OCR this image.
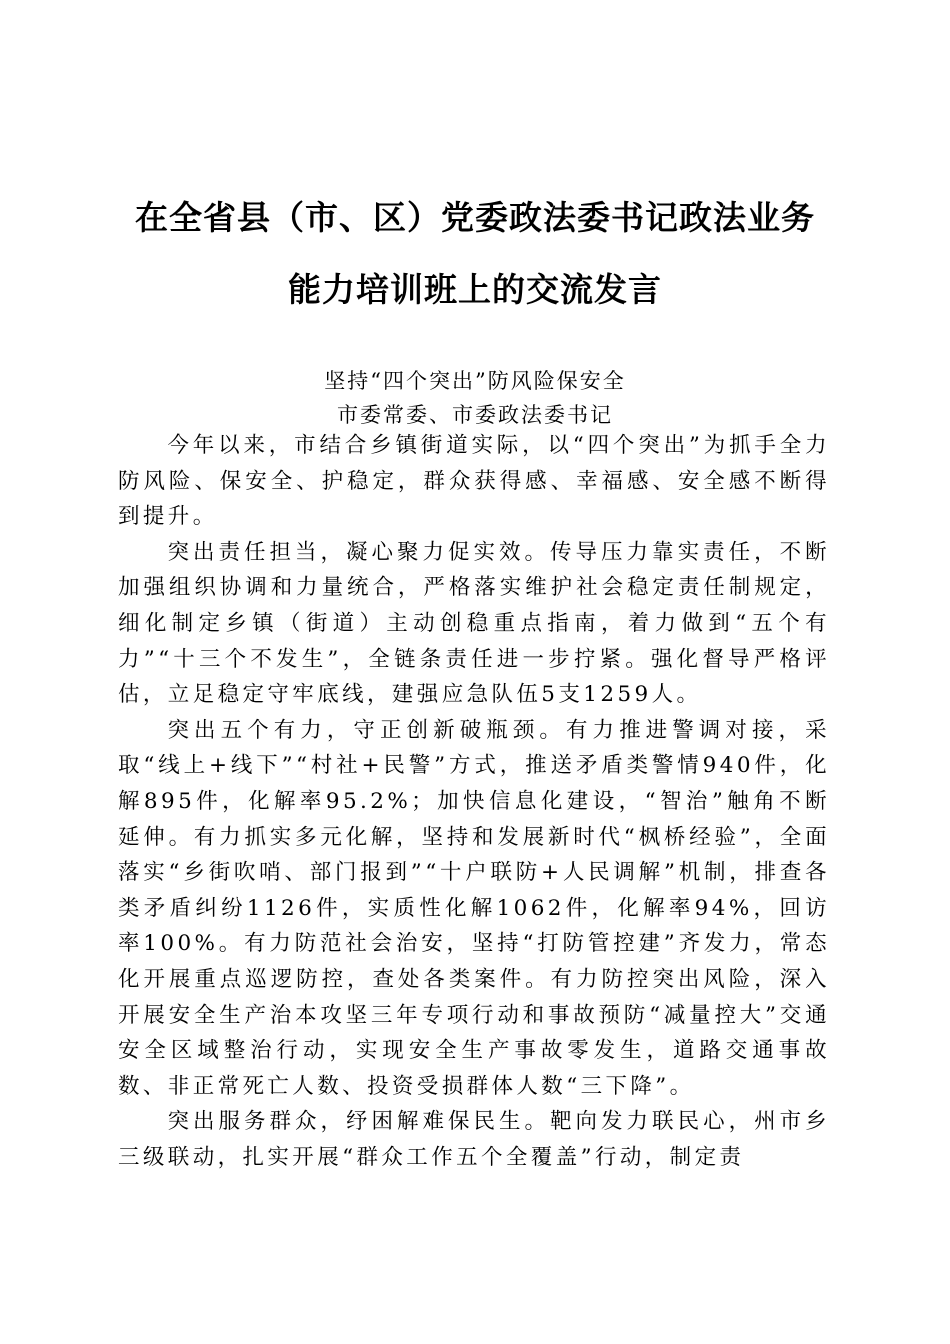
在全省县（市、区）党委政法委书记政法业务
能力培训班上的交流发言
坚持“四个突出”防风险保安全
市委常委、市委政法委书记

今年以来，市结合乡镇街道实际，以“四个突出”为抓手全力防风险、保安全、护稳定，群众获得感、幸福感、安全感不断得到提升。

突出责任担当，凝心聚力促实效。传导压力靠实责任，不断加强组织协调和力量统合，严格落实维护社会稳定责任制规定，细化制定乡镇（街道）主动创稳重点指南，着力做到“五个有力”“十三个不发生”，全链条责任进一步拧紧。强化督导严格评估，立足稳定守牢底线，建强应急队伍5支1259人。

突出五个有力，守正创新破瓶颈。有力推进警调对接，采取“线上+线下”“村社+民警”方式，推送矛盾类警情940件，化解895件，化解率95.2%；加快信息化建设，“智治”触角不断延伸。有力抓实多元化解，坚持和发展新时代“枫桥经验”，全面落实“乡街吹哨、部门报到”“十户联防+人民调解”机制，排查各类矛盾纠纷1126件，实质性化解1062件，化解率94%，回访率100%。有力防范社会治安，坚持“打防管控建”齐发力，常态化开展重点巡逻防控，查处各类案件。有力防控突出风险，深入开展安全生产治本攻坚三年专项行动和事故预防“减量控大”交通安全区域整治行动，实现安全生产事故零发生，道路交通事故数、非正常死亡人数、投资受损群体人数“三下降”。

突出服务群众，纾困解难保民生。靶向发力联民心，州市乡三级联动，扎实开展“群众工作五个全覆盖”行动，制定责
